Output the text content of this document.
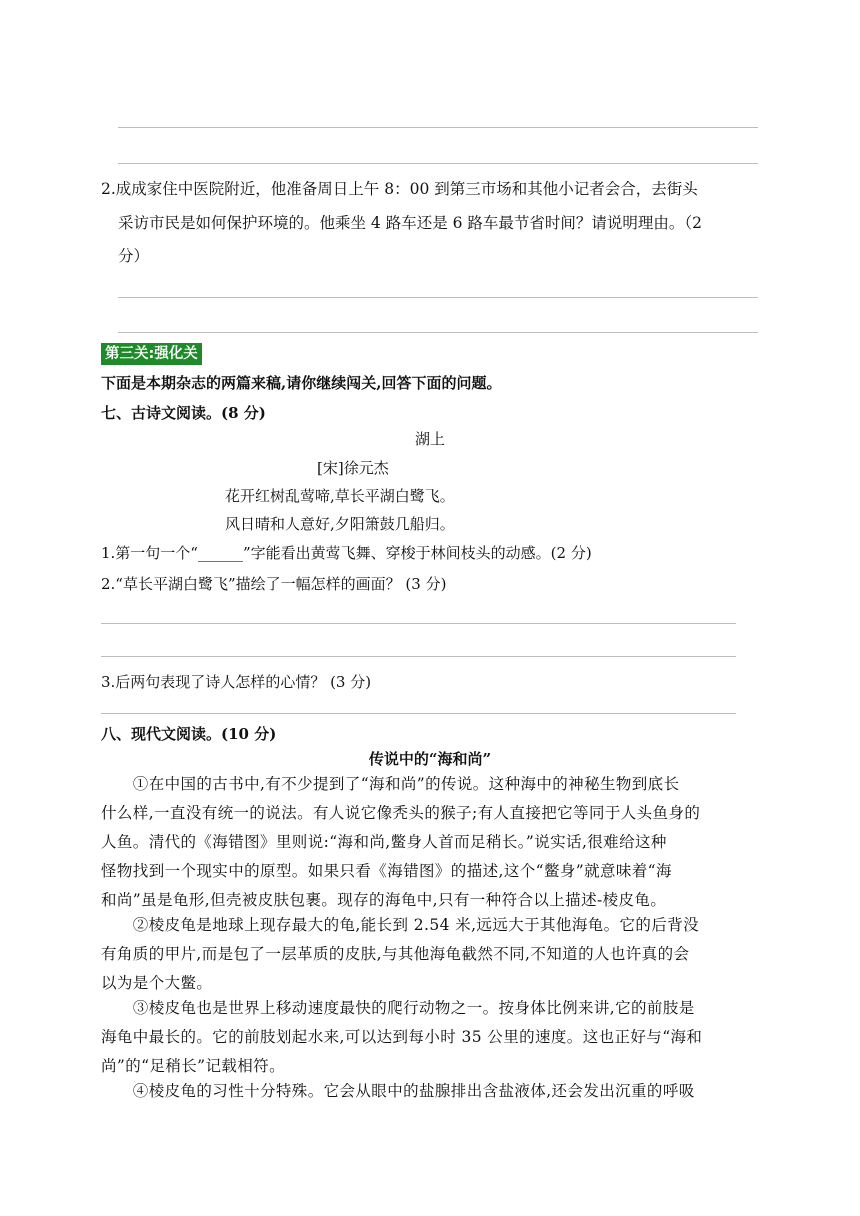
2.成成家住中医院附近，他准备周日上午 8：00 到第三市场和其他小记者会合，去街头
采访市民是如何保护环境的。他乘坐 4 路车还是 6 路车最节省时间？请说明理由。（2
分）
第三关:强化关
下面是本期杂志的两篇来稿,请你继续闯关,回答下面的问题。
七、古诗文阅读。(8 分)
湖上
[宋]徐元杰
花开红树乱莺啼,草长平湖白鹭飞。
风日晴和人意好,夕阳箫鼓几船归。
1.第一句一个“______”字能看出黄莺飞舞、穿梭于林间枝头的动感。(2 分)
2.“草长平湖白鹭飞”描绘了一幅怎样的画面？ (3 分)
3.后两句表现了诗人怎样的心情？ (3 分)
八、现代文阅读。(10 分)
传说中的“海和尚”
　　①在中国的古书中,有不少提到了“海和尚”的传说。这种海中的神秘生物到底长
什么样,一直没有统一的说法。有人说它像秃头的猴子;有人直接把它等同于人头鱼身的
人鱼。清代的《海错图》里则说:“海和尚,鳖身人首而足稍长。”说实话,很难给这种
怪物找到一个现实中的原型。如果只看《海错图》的描述,这个“鳖身”就意味着“海
和尚”虽是龟形,但壳被皮肤包裹。现存的海龟中,只有一种符合以上描述-棱皮龟。
　　②棱皮龟是地球上现存最大的龟,能长到 2.54 米,远远大于其他海龟。它的后背没
有角质的甲片,而是包了一层革质的皮肤,与其他海龟截然不同,不知道的人也许真的会
以为是个大鳖。
　　③棱皮龟也是世界上移动速度最快的爬行动物之一。按身体比例来讲,它的前肢是
海龟中最长的。它的前肢划起水来,可以达到每小时 35 公里的速度。这也正好与“海和
尚”的“足稍长”记载相符。
　　④棱皮龟的习性十分特殊。它会从眼中的盐腺排出含盐液体,还会发出沉重的呼吸
